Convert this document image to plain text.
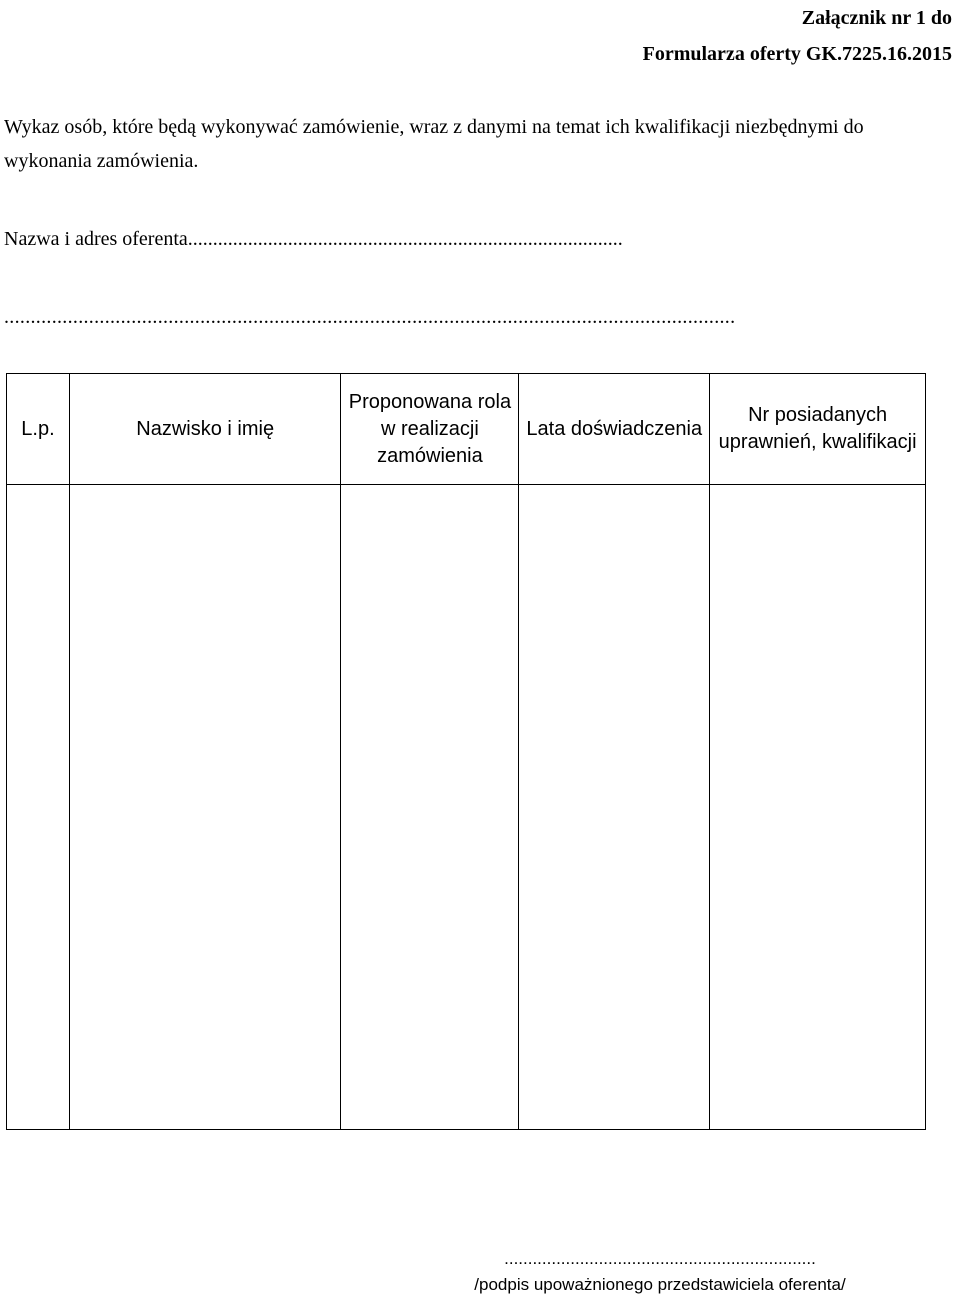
Załącznik nr 1 do
Formularza oferty GK.7225.16.2015
Wykaz osób, które będą wykonywać zamówienie, wraz z danymi na temat ich kwalifikacji niezbędnymi do wykonania zamówienia.
Nazwa i adres oferenta.......................................................................................
..........................................................................................................................................
L.p.	Nazwisko i imię	Proponowana rola w realizacji zamówienia	Lata doświadczenia	Nr posiadanych uprawnień, kwalifikacji

..................................................................
/podpis upoważnionego przedstawiciela oferenta/
